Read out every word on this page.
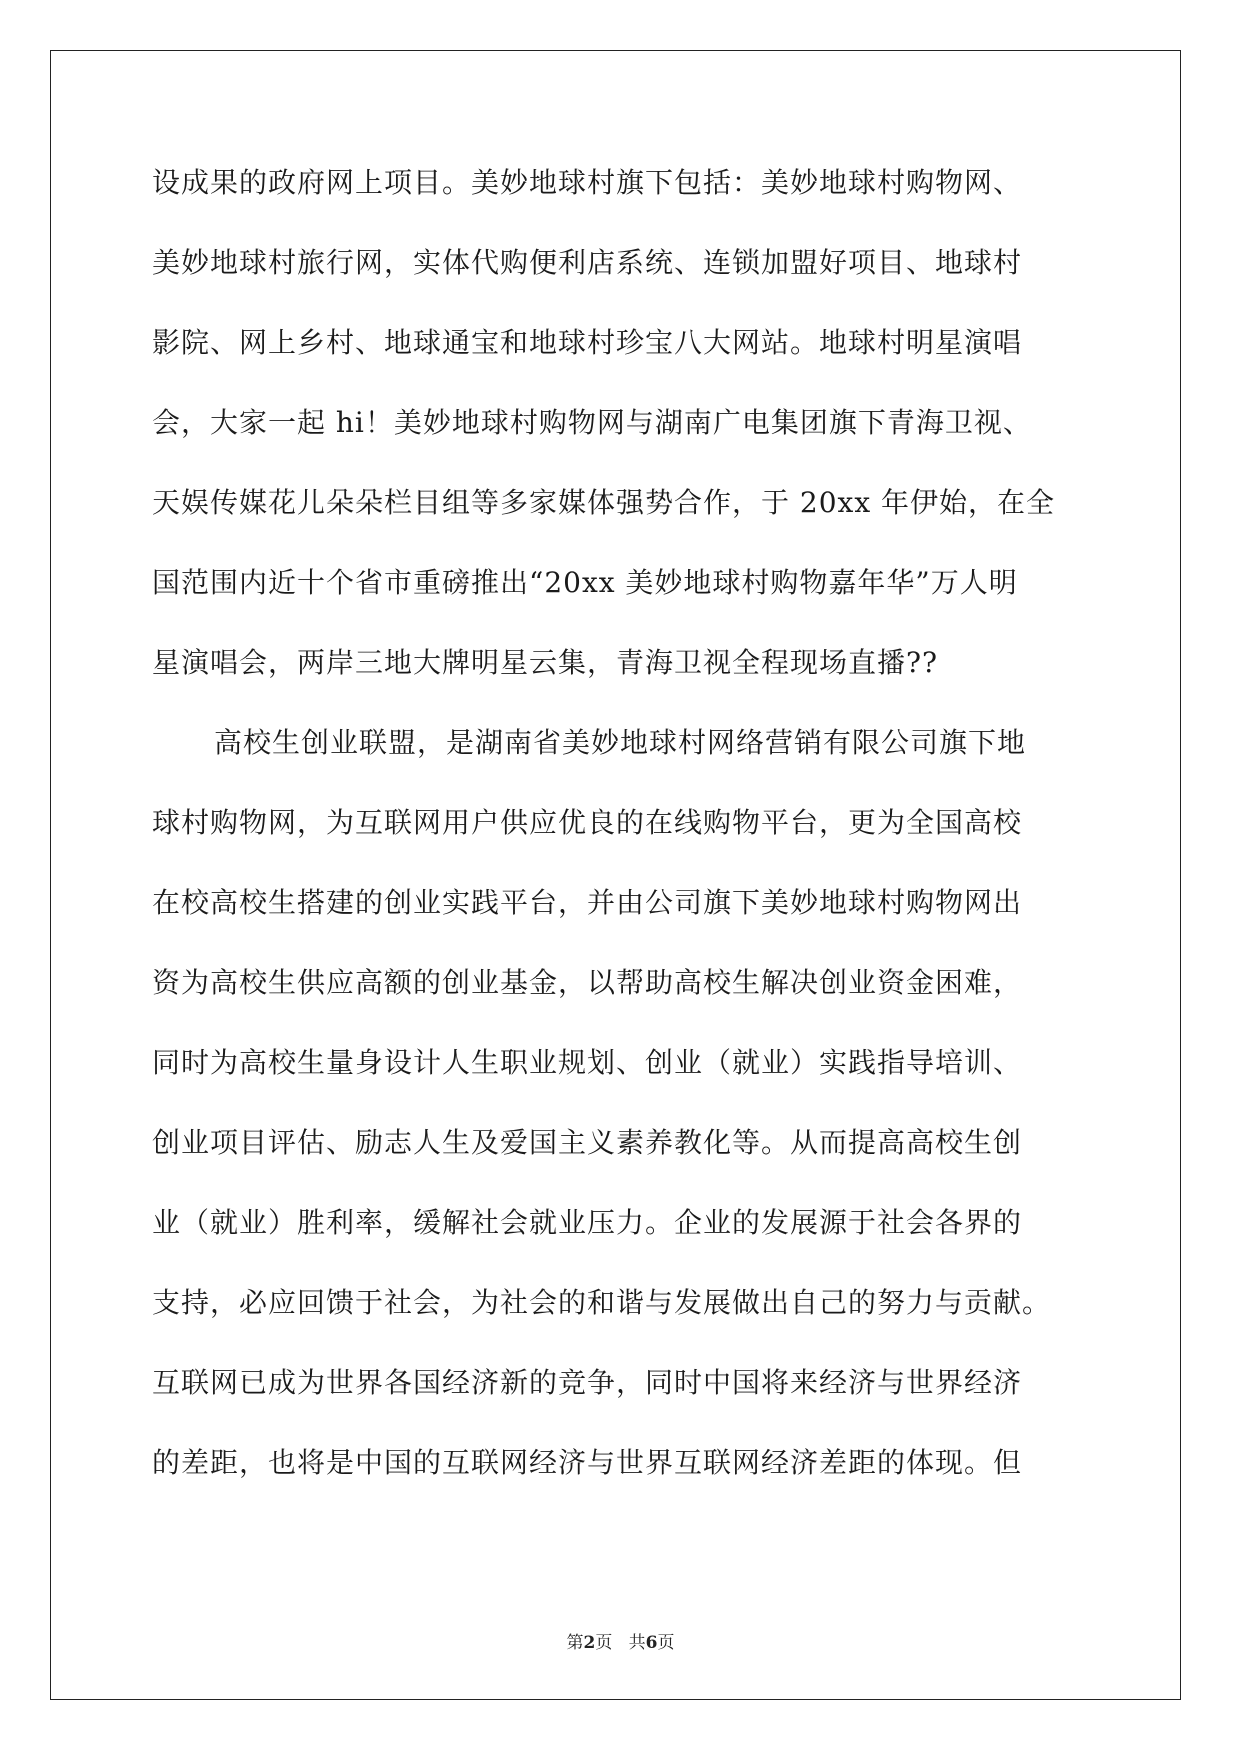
设成果的政府网上项目。美妙地球村旗下包括：美妙地球村购物网、
美妙地球村旅行网，实体代购便利店系统、连锁加盟好项目、地球村
影院、网上乡村、地球通宝和地球村珍宝八大网站。地球村明星演唱
会，大家一起 hi！美妙地球村购物网与湖南广电集团旗下青海卫视、
天娱传媒花儿朵朵栏目组等多家媒体强势合作，于 20xx 年伊始，在全
国范围内近十个省市重磅推出“20xx 美妙地球村购物嘉年华”万人明
星演唱会，两岸三地大牌明星云集，青海卫视全程现场直播??
高校生创业联盟，是湖南省美妙地球村网络营销有限公司旗下地
球村购物网，为互联网用户供应优良的在线购物平台，更为全国高校
在校高校生搭建的创业实践平台，并由公司旗下美妙地球村购物网出
资为高校生供应高额的创业基金，以帮助高校生解决创业资金困难，
同时为高校生量身设计人生职业规划、创业（就业）实践指导培训、
创业项目评估、励志人生及爱国主义素养教化等。从而提高高校生创
业（就业）胜利率，缓解社会就业压力。企业的发展源于社会各界的
支持，必应回馈于社会，为社会的和谐与发展做出自己的努力与贡献。
互联网已成为世界各国经济新的竞争，同时中国将来经济与世界经济
的差距，也将是中国的互联网经济与世界互联网经济差距的体现。但
第2页 共6页
